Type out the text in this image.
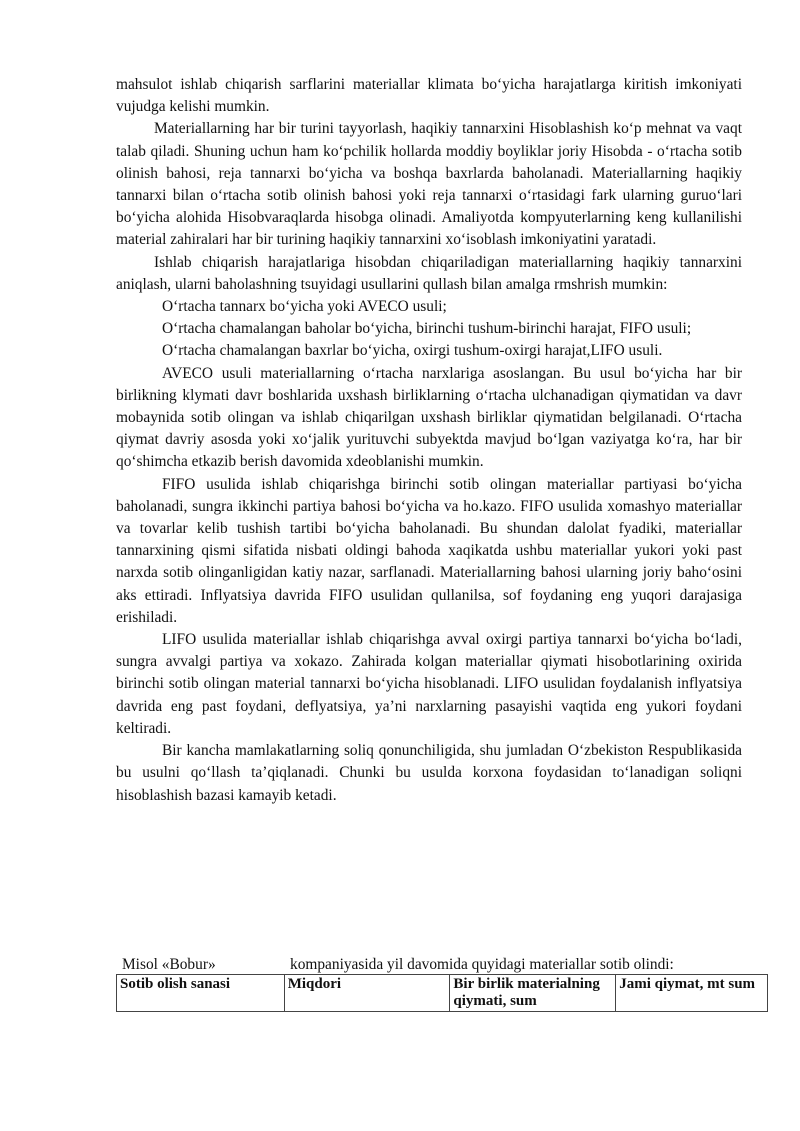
mahsulot ishlab chiqarish sarflarini materiallar klimata bo‘yicha harajatlarga kiritish imkoniyati vujudga kelishi mumkin.

Materiallarning har bir turini tayyorlash, haqikiy tannarxini Hisoblashish ko‘p mehnat va vaqt talab qiladi. Shuning uchun ham ko‘pchilik hollarda moddiy boyliklar joriy Hisobda - o‘rtacha sotib olinish bahosi, reja tannarxi bo‘yicha va boshqa baxrlarda baholanadi. Materiallarning haqikiy tannarxi bilan o‘rtacha sotib olinish bahosi yoki reja tannarxi o‘rtasidagi fark ularning guruo‘lari bo‘yicha alohida Hisobvaraqlarda hisobga olinadi. Amaliyotda kompyuterlarning keng kullanilishi material zahiralari har bir turining haqikiy tannarxini xo‘isoblash imkoniyatini yaratadi.

Ishlab chiqarish harajatlariga hisobdan chiqariladigan materiallarning haqikiy tannarxini aniqlash, ularni baholashning tsuyidagi usullarini qullash bilan amalga rmshrish mumkin:

O‘rtacha tannarx bo‘yicha yoki AVECO usuli;

O‘rtacha chamalangan baholar bo‘yicha, birinchi tushum-birinchi harajat, FIFO usuli;

O‘rtacha chamalangan baxrlar bo‘yicha, oxirgi tushum-oxirgi harajat,LIFO usuli.

AVECO usuli materiallarning o‘rtacha narxlariga asoslangan. Bu usul bo‘yicha har bir birlikning klymati davr boshlarida uxshash birliklarning o‘rtacha ulchanadigan qiymatidan va davr mobaynida sotib olingan va ishlab chiqarilgan uxshash birliklar qiymatidan belgilanadi. O‘rtacha qiymat davriy asosda yoki xo‘jalik yurituvchi subyektda mavjud bo‘lgan vaziyatga ko‘ra, har bir qo‘shimcha etkazib berish davomida xdeoblanishi mumkin.

FIFO usulida ishlab chiqarishga birinchi sotib olingan materiallar partiyasi bo‘yicha baholanadi, sungra ikkinchi partiya bahosi bo‘yicha va ho.kazo. FIFO usulida xomashyo materiallar va tovarlar kelib tushish tartibi bo‘yicha baholanadi. Bu shundan dalolat fyadiki, materiallar tannarxining qismi sifatida nisbati oldingi bahoda xaqikatda ushbu materiallar yukori yoki past narxda sotib olinganligidan katiy nazar, sarflanadi. Materiallarning bahosi ularning joriy baho‘osini aks ettiradi. Inflyatsiya davrida FIFO usulidan qullanilsa, sof foydaning eng yuqori darajasiga erishiladi.

LIFO usulida materiallar ishlab chiqarishga avval oxirgi partiya tannarxi bo‘yicha bo‘ladi, sungra avvalgi partiya va xokazo. Zahirada kolgan materiallar qiymati hisobotlarining oxirida birinchi sotib olingan material tannarxi bo‘yicha hisoblanadi. LIFO usulidan foydalanish inflyatsiya davrida eng past foydani, deflyatsiya, ya’ni narxlarning pasayishi vaqtida eng yukori foydani keltiradi.

Bir kancha mamlakatlarning soliq qonunchiligida, shu jumladan O‘zbekiston Respublikasida bu usulni qo‘llash ta’qiqlanadi. Chunki bu usulda korxona foydasidan to‘lanadigan soliqni hisoblashish bazasi kamayib ketadi.

Misol «Bobur»	kompaniyasida yil davomida quyidagi materiallar sotib olindi:
Sotib olish sanasi	Miqdori	Bir birlik materialning qiymati, sum	Jami qiymat, mt sum
